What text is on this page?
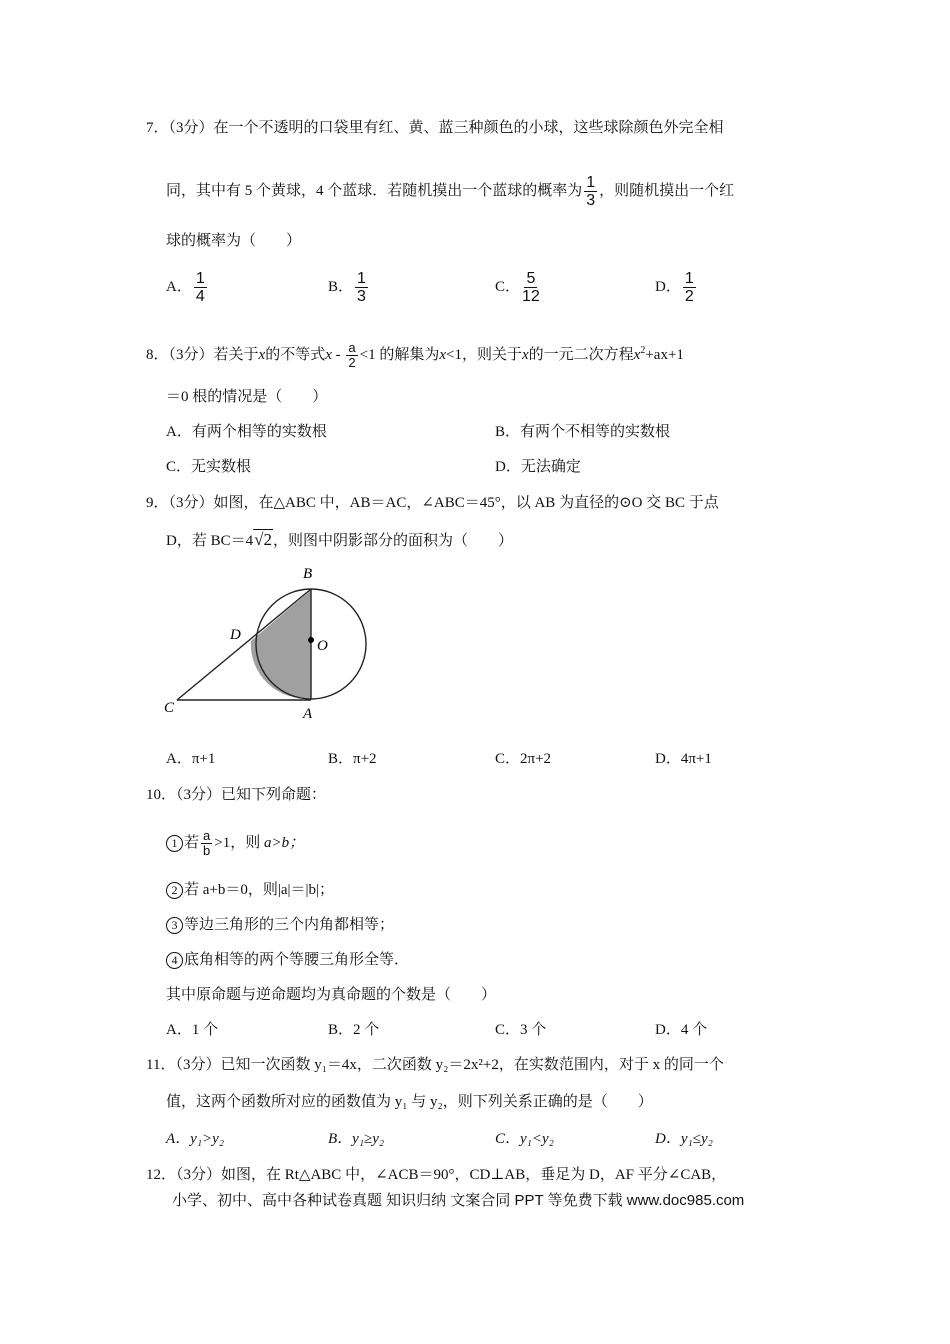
7．（3分）在一个不透明的口袋里有红、黄、蓝三种颜色的小球，这些球除颜色外完全相
同，其中有 5 个黄球，4 个蓝球．若随机摸出一个蓝球的概率为 $\frac{1}{3}$ ，则随机摸出一个红
球的概率为（　　）
A． $\frac{1}{4}$	B． $\frac{1}{3}$	C． $\frac{5}{12}$	D． $\frac{1}{2}$
8．（3分）若关于x的不等式$x - \frac{a}{2} <1$ 的解集为x<1，则关于x的一元二次方程$x^2+ax+1$
＝0 根的情况是（　　）
A．有两个相等的实数根	B．有两个不相等的实数根
C．无实数根	D．无法确定
9．（3分）如图，在△ABC 中，AB＝AC，∠ABC＝45°，以 AB 为直径的⊙O 交 BC 于点
D，若 BC＝4√2，则图中阴影部分的面积为（　　）
B
D
O
C	A
A．π+1	B．π+2	C．2π+2	D．4π+1
10．（3分）已知下列命题：
1 若 $\frac{a}{b} >1$，则 a>b；
2 若 a+b＝0，则|a|＝|b|；
3 等边三角形的三个内角都相等；
4 底角相等的两个等腰三角形全等．
其中原命题与逆命题均为真命题的个数是（　　）
A．1 个	B．2 个	C．3 个	D．4 个
11．（3分）已知一次函数 y₁＝4x，二次函数 y₂＝2x²+2，在实数范围内，对于 x 的同一个
值，这两个函数所对应的函数值为 y₁ 与 y₂，则下列关系正确的是（　　）
A．y₁>y₂	B．y₁≥y₂	C．y₁<y₂	D．y₁≤y₂
12．（3分）如图，在 Rt△ABC 中，∠ACB＝90°，CD⊥AB，垂足为 D，AF 平分∠CAB，
小学、初中、高中各种试卷真题 知识归纳 文案合同 PPT 等免费下载 www.doc985.com
